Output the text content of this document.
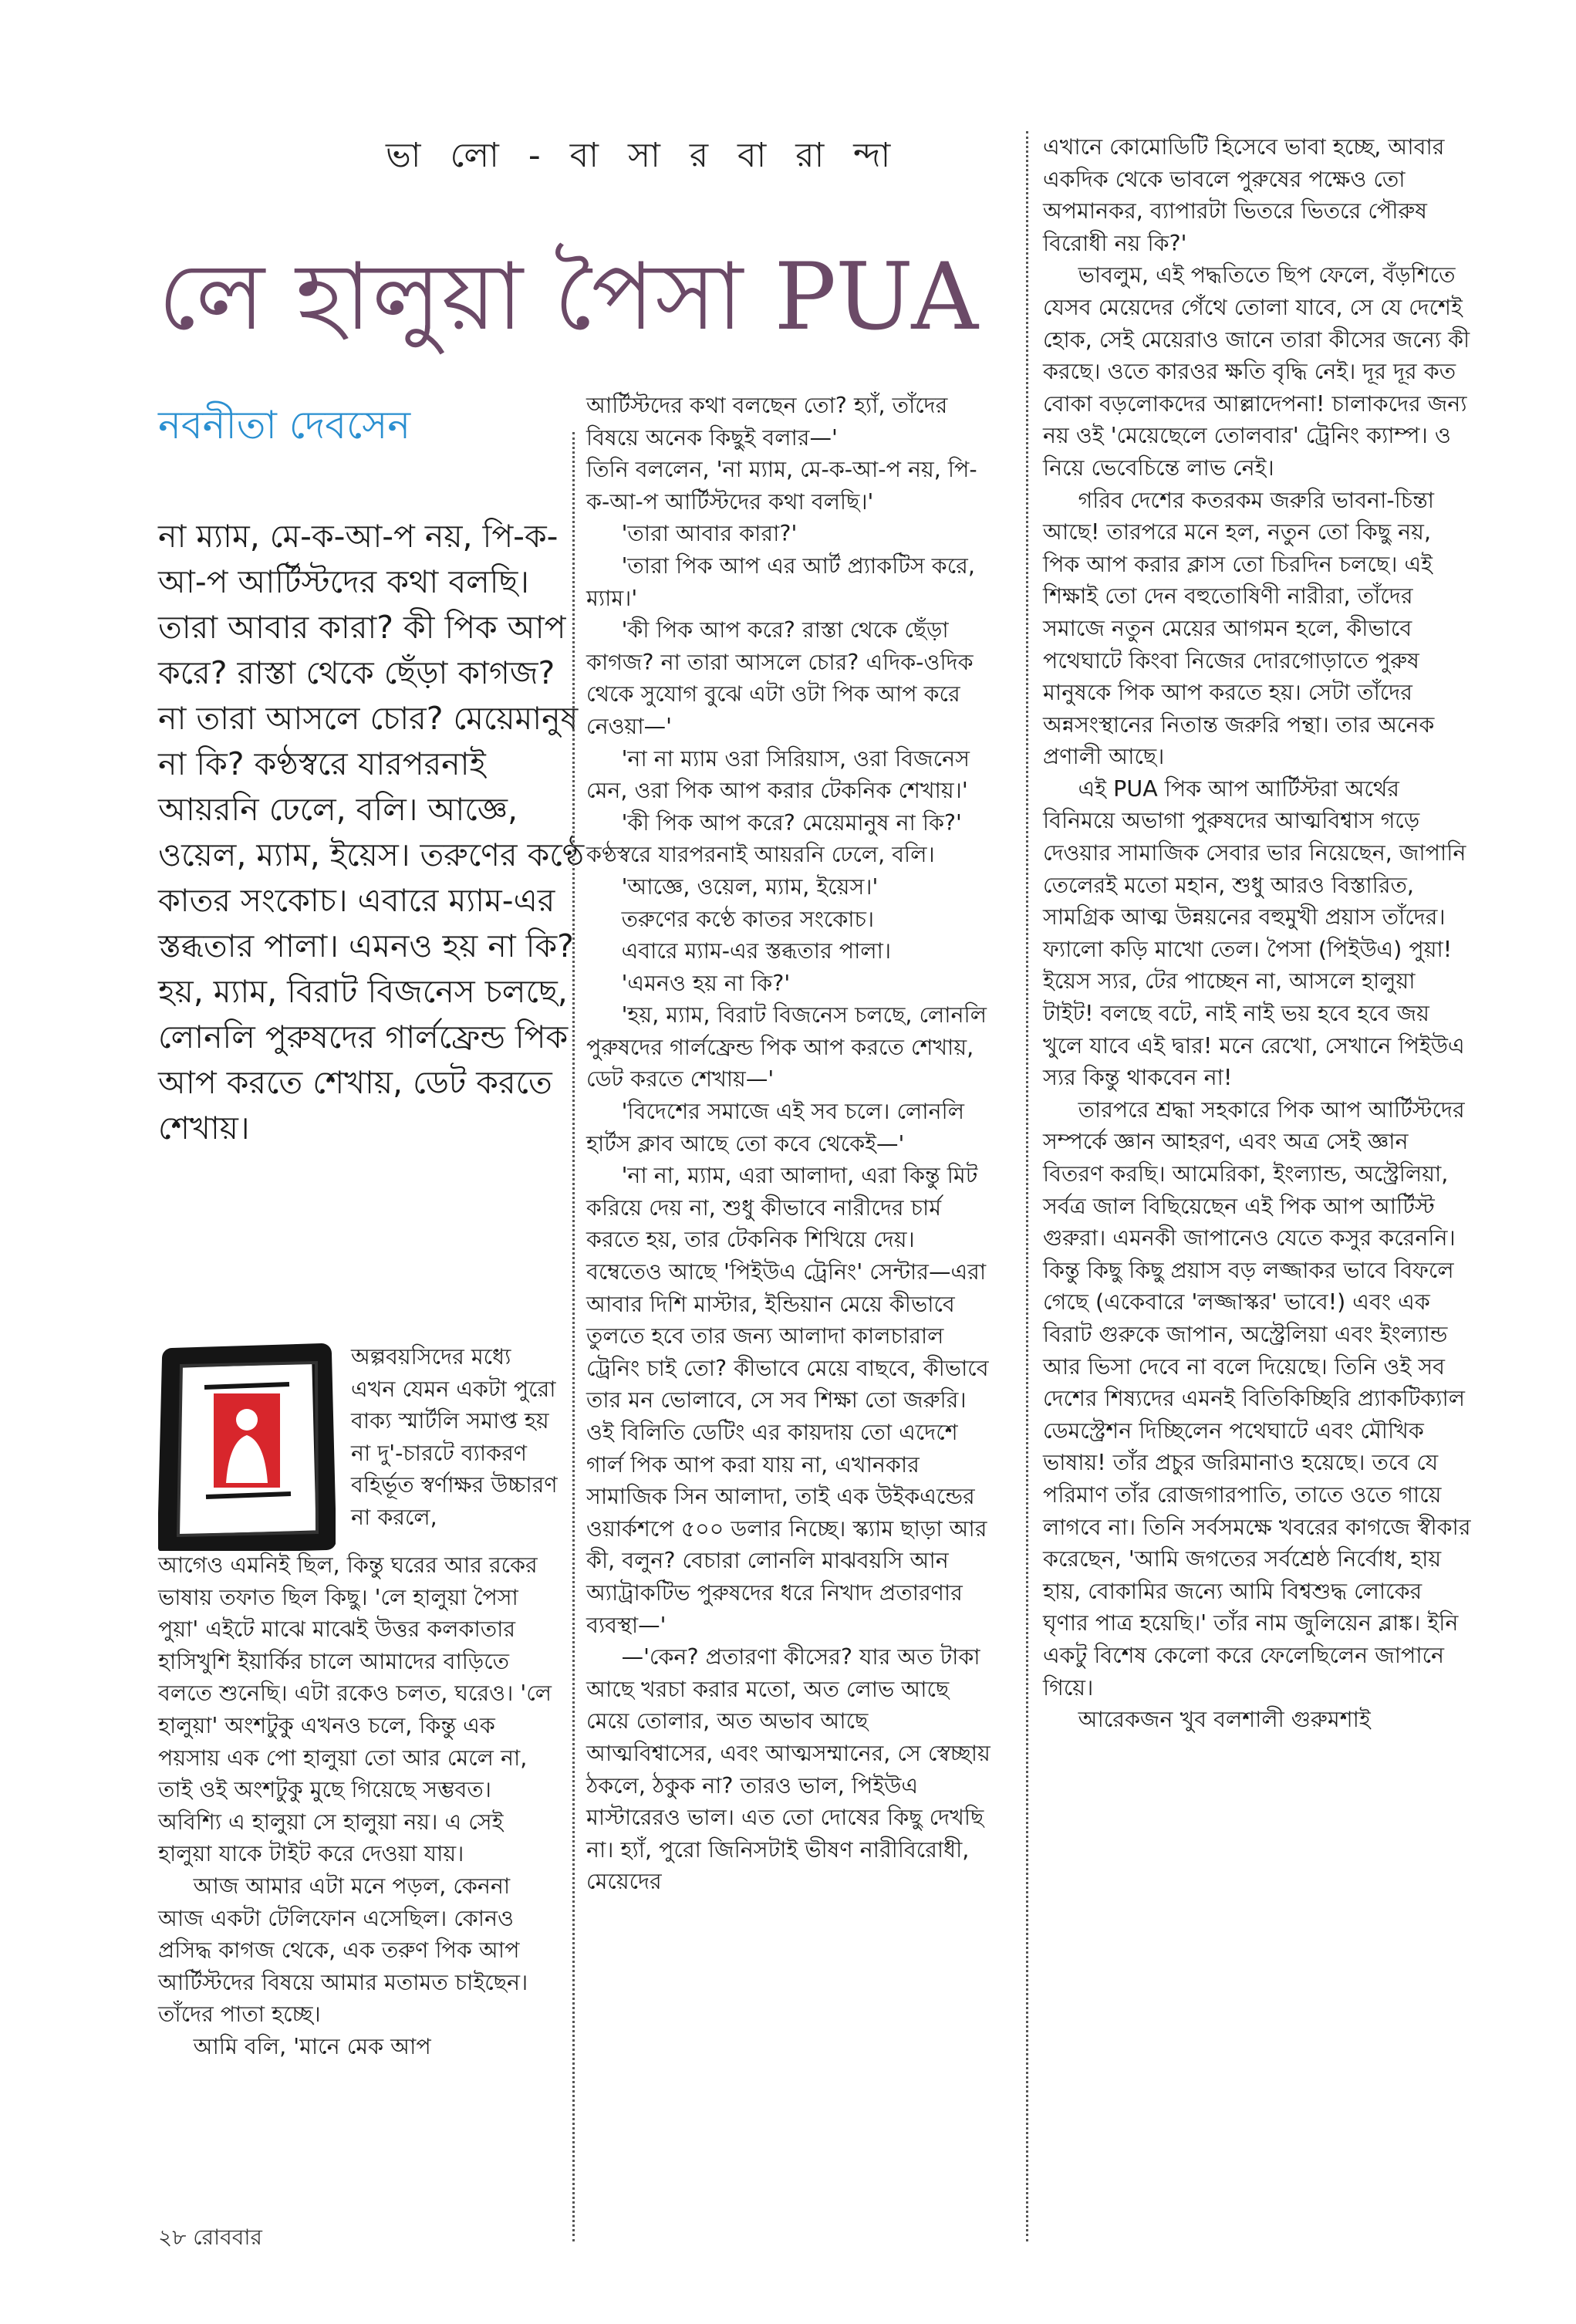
ভা লো - বা সা র বা রা ন্দা
লে হালুয়া পৈসা PUA
নবনীতা দেবসেন

না ম্যাম, মে-ক-আ-প নয়, পি-ক-আ-প আর্টিস্টদের কথা বলছি। তারা আবার কারা? কী পিক আপ করে? রাস্তা থেকে ছেঁড়া কাগজ? না তারা আসলে চোর? মেয়েমানুষ না কি? কণ্ঠস্বরে যারপরনাই আয়রনি ঢেলে, বলি। আজ্ঞে, ওয়েল, ম্যাম, ইয়েস। তরুণের কণ্ঠে কাতর সংকোচ। এবারে ম্যাম-এর স্তব্ধতার পালা। এমনও হয় না কি? হয়, ম্যাম, বিরাট বিজনেস চলছে, লোনলি পুরুষদের গার্লফ্রেন্ড পিক আপ করতে শেখায়, ডেট করতে শেখায়।

অল্পবয়সিদের মধ্যে এখন যেমন একটা পুরো বাক্য স্মার্টলি সমাপ্ত হয় না দু'-চারটে ব্যাকরণ বহির্ভূত স্বর্ণাক্ষর উচ্চারণ না করলে,

আগেও এমনিই ছিল, কিন্তু ঘরের আর রকের ভাষায় তফাত ছিল কিছু। 'লে হালুয়া পৈসা পুয়া' এইটে মাঝে মাঝেই উত্তর কলকাতার হাসিখুশি ইয়ার্কির চালে আমাদের বাড়িতে বলতে শুনেছি। এটা রকেও চলত, ঘরেও। 'লে হালুয়া' অংশটুকু এখনও চলে, কিন্তু এক পয়সায় এক পো হালুয়া তো আর মেলে না, তাই ওই অংশটুকু মুছে গিয়েছে সম্ভবত। অবিশ্যি এ হালুয়া সে হালুয়া নয়। এ সেই হালুয়া যাকে টাইট করে দেওয়া যায়।

আজ আমার এটা মনে পড়ল, কেননা আজ একটা টেলিফোন এসেছিল। কোনও প্রসিদ্ধ কাগজ থেকে, এক তরুণ পিক আপ আর্টিস্টদের বিষয়ে আমার মতামত চাইছেন। তাঁদের পাতা হচ্ছে।

আমি বলি, 'মানে মেক আপ

আর্টিস্টদের কথা বলছেন তো? হ্যাঁ, তাঁদের বিষয়ে অনেক কিছুই বলার—'

তিনি বললেন, 'না ম্যাম, মে-ক-আ-প নয়, পি-ক-আ-প আর্টিস্টদের কথা বলছি।'

'তারা আবার কারা?'

'তারা পিক আপ এর আর্ট প্র্যাকটিস করে, ম্যাম।'

'কী পিক আপ করে? রাস্তা থেকে ছেঁড়া কাগজ? না তারা আসলে চোর? এদিক-ওদিক থেকে সুযোগ বুঝে এটা ওটা পিক আপ করে নেওয়া—'

'না না ম্যাম ওরা সিরিয়াস, ওরা বিজনেস মেন, ওরা পিক আপ করার টেকনিক শেখায়।'

'কী পিক আপ করে? মেয়েমানুষ না কি?' কণ্ঠস্বরে যারপরনাই আয়রনি ঢেলে, বলি।

'আজ্ঞে, ওয়েল, ম্যাম, ইয়েস।'

তরুণের কণ্ঠে কাতর সংকোচ।

এবারে ম্যাম-এর স্তব্ধতার পালা।

'এমনও হয় না কি?'

'হয়, ম্যাম, বিরাট বিজনেস চলছে, লোনলি পুরুষদের গার্লফ্রেন্ড পিক আপ করতে শেখায়, ডেট করতে শেখায়—'

'বিদেশের সমাজে এই সব চলে। লোনলি হার্টস ক্লাব আছে তো কবে থেকেই—'

'না না, ম্যাম, এরা আলাদা, এরা কিন্তু মিট করিয়ে দেয় না, শুধু কীভাবে নারীদের চার্ম করতে হয়, তার টেকনিক শিখিয়ে দেয়। বম্বেতেও আছে 'পিইউএ ট্রেনিং' সেন্টার—এরা আবার দিশি মাস্টার, ইন্ডিয়ান মেয়ে কীভাবে তুলতে হবে তার জন্য আলাদা কালচারাল ট্রেনিং চাই তো? কীভাবে মেয়ে বাছবে, কীভাবে তার মন ভোলাবে, সে সব শিক্ষা তো জরুরি। ওই বিলিতি ডেটিং এর কায়দায় তো এদেশে গার্ল পিক আপ করা যায় না, এখানকার সামাজিক সিন আলাদা, তাই এক উইকএন্ডের ওয়ার্কশপে ৫০০ ডলার নিচ্ছে। স্ক্যাম ছাড়া আর কী, বলুন? বেচারা লোনলি মাঝবয়সি আন অ্যাট্রাকটিভ পুরুষদের ধরে নিখাদ প্রতারণার ব্যবস্থা—'

—'কেন? প্রতারণা কীসের? যার অত টাকা আছে খরচা করার মতো, অত লোভ আছে মেয়ে তোলার, অত অভাব আছে আত্মবিশ্বাসের, এবং আত্মসম্মানের, সে স্বেচ্ছায় ঠকলে, ঠকুক না? তারও ভাল, পিইউএ মাস্টারেরও ভাল। এত তো দোষের কিছু দেখছি না। হ্যাঁ, পুরো জিনিসটাই ভীষণ নারীবিরোধী, মেয়েদের

এখানে কোমোডিটি হিসেবে ভাবা হচ্ছে, আবার একদিক থেকে ভাবলে পুরুষের পক্ষেও তো অপমানকর, ব্যাপারটা ভিতরে ভিতরে পৌরুষ বিরোধী নয় কি?'

ভাবলুম, এই পদ্ধতিতে ছিপ ফেলে, বঁড়শিতে যেসব মেয়েদের গেঁথে তোলা যাবে, সে যে দেশেই হোক, সেই মেয়েরাও জানে তারা কীসের জন্যে কী করছে। ওতে কারওর ক্ষতি বৃদ্ধি নেই। দূর দূর কত বোকা বড়লোকদের আল্লাদেপনা! চালাকদের জন্য নয় ওই 'মেয়েছেলে তোলবার' ট্রেনিং ক্যাম্প। ও নিয়ে ভেবেচিন্তে লাভ নেই।

গরিব দেশের কতরকম জরুরি ভাবনা-চিন্তা আছে! তারপরে মনে হল, নতুন তো কিছু নয়, পিক আপ করার ক্লাস তো চিরদিন চলছে। এই শিক্ষাই তো দেন বহুতোষিণী নারীরা, তাঁদের সমাজে নতুন মেয়ের আগমন হলে, কীভাবে পথেঘাটে কিংবা নিজের দোরগোড়াতে পুরুষ মানুষকে পিক আপ করতে হয়। সেটা তাঁদের অন্নসংস্থানের নিতান্ত জরুরি পন্থা। তার অনেক প্রণালী আছে।

এই PUA পিক আপ আর্টিস্টরা অর্থের বিনিময়ে অভাগা পুরুষদের আত্মবিশ্বাস গড়ে দেওয়ার সামাজিক সেবার ভার নিয়েছেন, জাপানি তেলেরই মতো মহান, শুধু আরও বিস্তারিত, সামগ্রিক আত্ম উন্নয়নের বহুমুখী প্রয়াস তাঁদের। ফ্যালো কড়ি মাখো তেল। পৈসা (পিইউএ) পুয়া! ইয়েস স্যর, টের পাচ্ছেন না, আসলে হালুয়া টাইট! বলছে বটে, নাই নাই ভয় হবে হবে জয় খুলে যাবে এই দ্বার! মনে রেখো, সেখানে পিইউএ স্যর কিন্তু থাকবেন না!

তারপরে শ্রদ্ধা সহকারে পিক আপ আর্টিস্টদের সম্পর্কে জ্ঞান আহরণ, এবং অত্র সেই জ্ঞান বিতরণ করছি। আমেরিকা, ইংল্যান্ড, অস্ট্রেলিয়া, সর্বত্র জাল বিছিয়েছেন এই পিক আপ আর্টিস্ট গুরুরা। এমনকী জাপানেও যেতে কসুর করেননি। কিন্তু কিছু কিছু প্রয়াস বড় লজ্জাকর ভাবে বিফলে গেছে (একেবারে 'লজ্জাস্কর' ভাবে!) এবং এক বিরাট গুরুকে জাপান, অস্ট্রেলিয়া এবং ইংল্যান্ড আর ভিসা দেবে না বলে দিয়েছে। তিনি ওই সব দেশের শিষ্যদের এমনই বিতিকিচ্ছিরি প্র্যাকটিক্যাল ডেমস্ট্রেশন দিচ্ছিলেন পথেঘাটে এবং মৌখিক ভাষায়! তাঁর প্রচুর জরিমানাও হয়েছে। তবে যে পরিমাণ তাঁর রোজগারপাতি, তাতে ওতে গায়ে লাগবে না। তিনি সর্বসমক্ষে খবরের কাগজে স্বীকার করেছেন, 'আমি জগতের সর্বশ্রেষ্ঠ নির্বোধ, হায় হায়, বোকামির জন্যে আমি বিশ্বশুদ্ধ লোকের ঘৃণার পাত্র হয়েছি।' তাঁর নাম জুলিয়েন ব্লাঙ্ক। ইনি একটু বিশেষ কেলো করে ফেলেছিলেন জাপানে গিয়ে।

আরেকজন খুব বলশালী গুরুমশাই

২৮ রোববার
